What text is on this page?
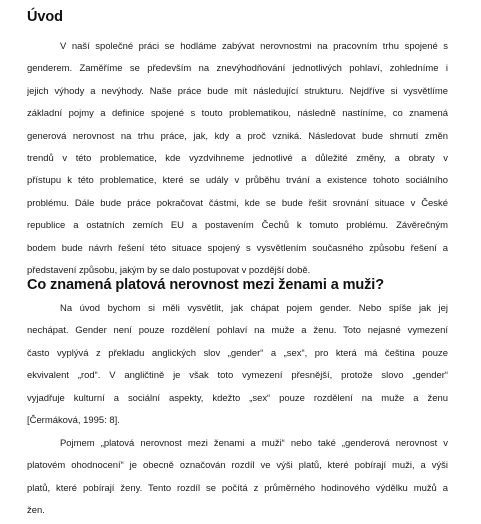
Úvod
V naší společné práci se hodláme zabývat nerovnostmi na pracovním trhu spojené s
genderem. Zaměříme se především na znevýhodňování jednotlivých pohlaví, zohledníme i
jejich výhody a nevýhody. Naše práce bude mít následující strukturu. Nejdříve si vysvětlíme
základní pojmy a definice spojené s touto problematikou, následně nastíníme, co znamená
generová nerovnost na trhu práce, jak, kdy a proč vzniká. Následovat bude shrnutí změn
trendů v této problematice, kde vyzdvihneme jednotlivé a důležité změny, a obraty v
přístupu k této problematice, které se udály v průběhu trvání a existence tohoto sociálního
problému. Dále bude práce pokračovat částmi, kde se bude řešit srovnání situace v České
republice a ostatních zemích EU a postavením Čechů k tomuto problému. Závěrečným
bodem bude návrh řešení této situace spojený s vysvětlením současného způsobu řešení a
představení způsobu, jakým by se dalo postupovat v pozdější době.
Co znamená platová nerovnost mezi ženami a muži?
Na úvod bychom si měli vysvětlit, jak chápat pojem gender. Nebo spíše jak jej
nechápat. Gender není pouze rozdělení pohlaví na muže a ženu. Toto nejasné vymezení
často vyplývá z překladu anglických slov „gender“ a „sex“, pro která má čeština pouze
ekvivalent „rod“. V angličtině je však toto vymezení přesnější, protože slovo „gender“
vyjadřuje kulturní a sociální aspekty, kdežto „sex“ pouze rozdělení na muže a ženu
[Čermáková, 1995: 8].
Pojmem „platová nerovnost mezi ženami a muži“ nebo také „genderová nerovnost v
platovém ohodnocení“ je obecně označován rozdíl ve výši platů, které pobírají muži, a výši
platů, které pobírají ženy. Tento rozdíl se počítá z průměrného hodinového výdělku mužů a
žen.
